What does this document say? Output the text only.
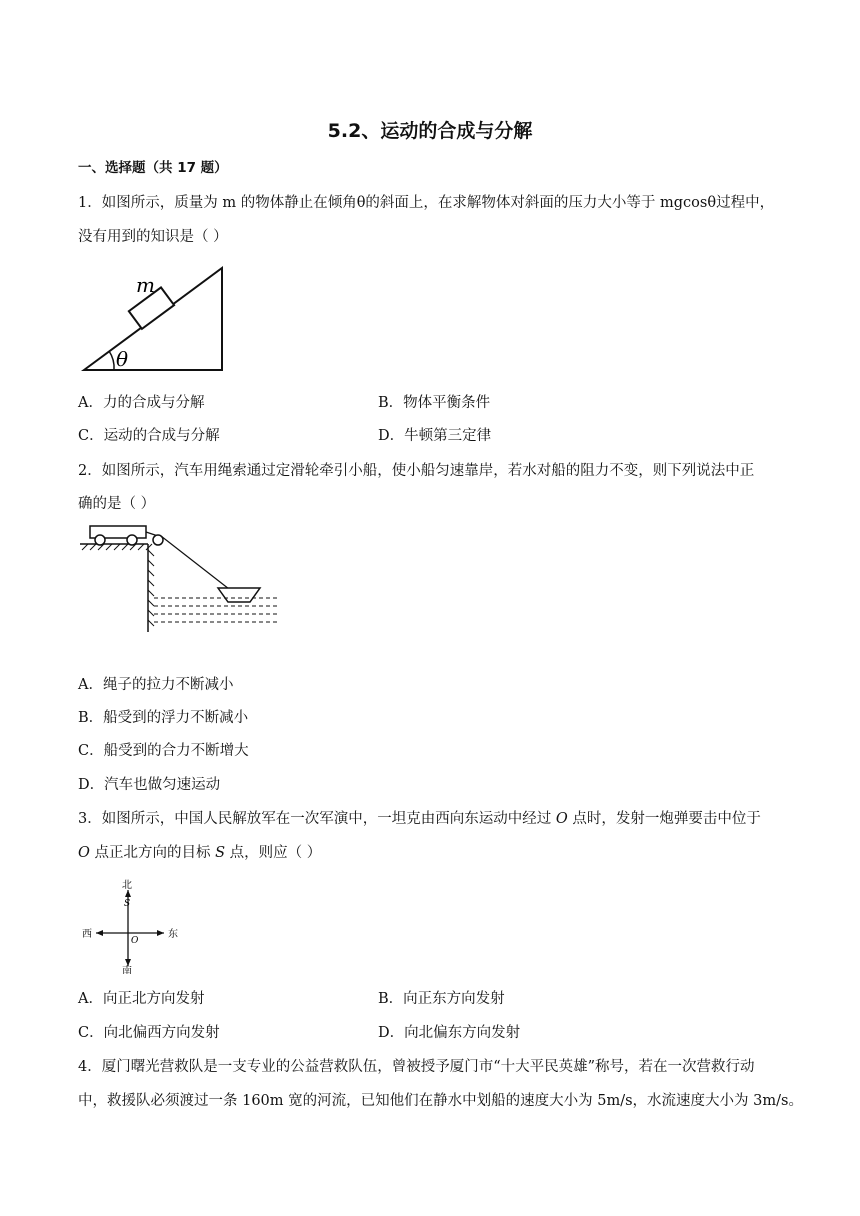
5.2、运动的合成与分解
一、选择题（共 17 题）
1．如图所示，质量为 m 的物体静止在倾角θ的斜面上，在求解物体对斜面的压力大小等于 mgcosθ过程中，
没有用到的知识是（ ）
m
θ
A．力的合成与分解	B．物体平衡条件
C．运动的合成与分解	D．牛顿第三定律
2．如图所示，汽车用绳索通过定滑轮牵引小船，使小船匀速靠岸，若水对船的阻力不变，则下列说法中正
确的是（ ）
A．绳子的拉力不断减小
B．船受到的浮力不断减小
C．船受到的合力不断增大
D．汽车也做匀速运动
3．如图所示，中国人民解放军在一次军演中，一坦克由西向东运动中经过 O 点时，发射一炮弹要击中位于
O 点正北方向的目标 S 点，则应（ ）
北
南
西	东
S
O
A．向正北方向发射	B．向正东方向发射
C．向北偏西方向发射	D．向北偏东方向发射
4．厦门曙光营救队是一支专业的公益营救队伍，曾被授予厦门市“十大平民英雄”称号，若在一次营救行动
中，救援队必须渡过一条 160m 宽的河流，已知他们在静水中划船的速度大小为 5m/s，水流速度大小为 3m/s。
